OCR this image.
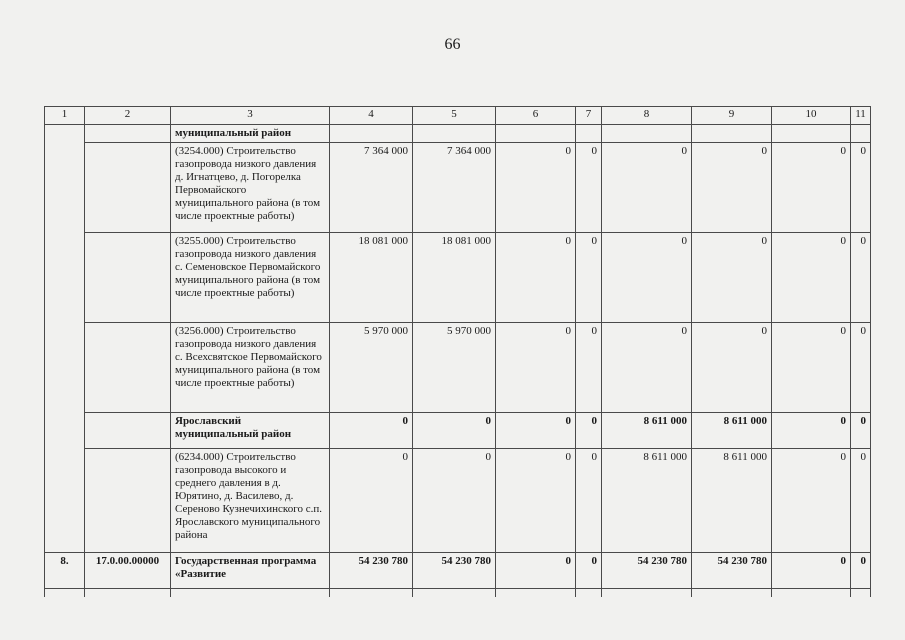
66
1	2	3	4	5	6	7	8	9	10	11
		муниципальный район								
		(3254.000) Строительство газопровода низкого давления д. Игнатцево, д. Погорелка Первомайского муниципального района (в том числе проектные работы)	7 364 000	7 364 000	0	0	0	0	0	0
		(3255.000) Строительство газопровода низкого давления с. Семеновское Первомайского муниципального района (в том числе проектные работы)	18 081 000	18 081 000	0	0	0	0	0	0
		(3256.000) Строительство газопровода низкого давления с. Всехсвятское Первомайского муниципального района (в том числе проектные работы)	5 970 000	5 970 000	0	0	0	0	0	0
		Ярославский муниципальный район	0	0	0	0	8 611 000	8 611 000	0	0
		(6234.000) Строительство газопровода высокого и среднего давления в д. Юрятино, д. Василево, д. Сереново Кузнечихинского с.п. Ярославского муниципального района	0	0	0	0	8 611 000	8 611 000	0	0
8.	17.0.00.00000	Государственная программа «Развитие	54 230 780	54 230 780	0	0	54 230 780	54 230 780	0	0
